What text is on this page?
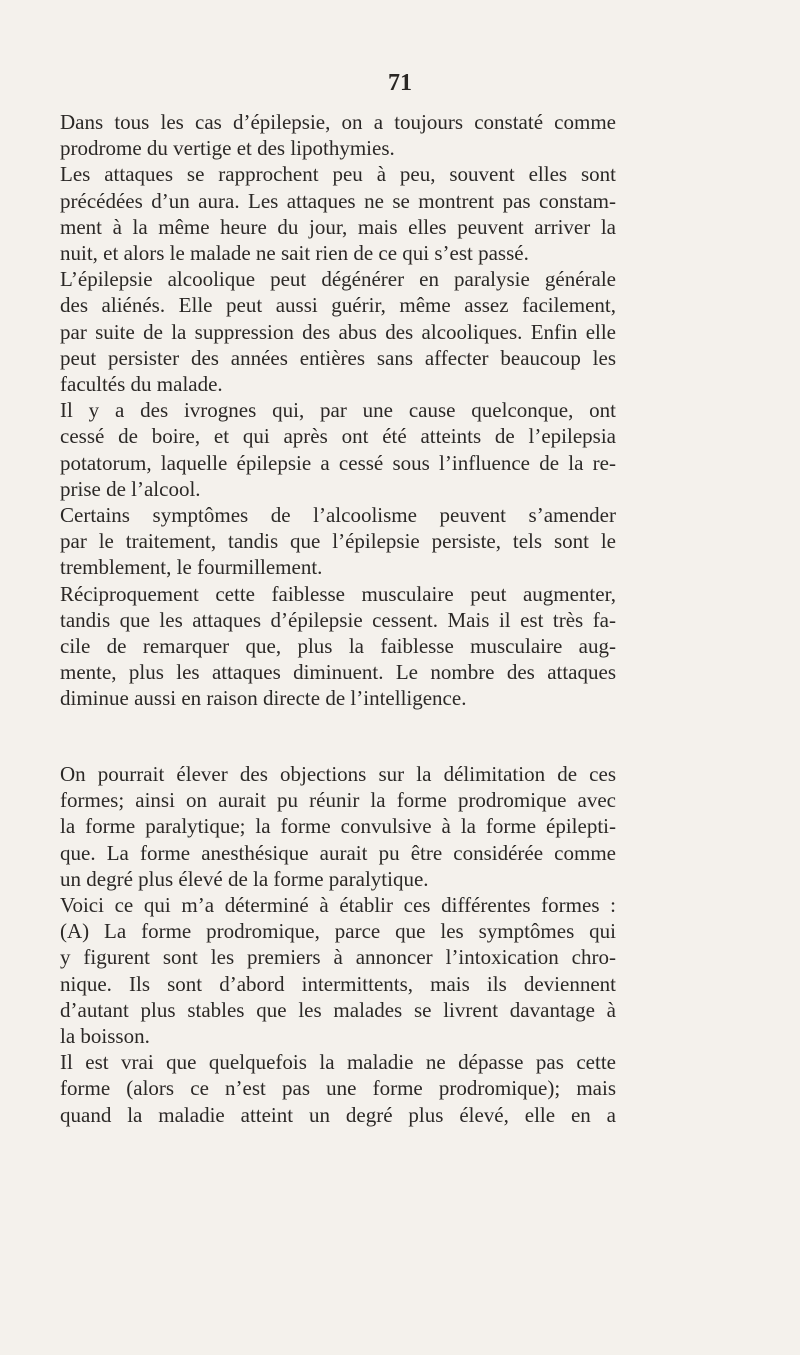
71
Dans tous les cas d’épilepsie, on a toujours constaté comme
prodrome du vertige et des lipothymies.
Les attaques se rapprochent peu à peu, souvent elles sont
précédées d’un aura. Les attaques ne se montrent pas constam-
ment à la même heure du jour, mais elles peuvent arriver la
nuit, et alors le malade ne sait rien de ce qui s’est passé.
L’épilepsie alcoolique peut dégénérer en paralysie générale
des aliénés. Elle peut aussi guérir, même assez facilement,
par suite de la suppression des abus des alcooliques. Enfin elle
peut persister des années entières sans affecter beaucoup les
facultés du malade.
Il y a des ivrognes qui, par une cause quelconque, ont
cessé de boire, et qui après ont été atteints de l’epilepsia
potatorum, laquelle épilepsie a cessé sous l’influence de la re-
prise de l’alcool.
Certains symptômes de l’alcoolisme peuvent s’amender
par le traitement, tandis que l’épilepsie persiste, tels sont le
tremblement, le fourmillement.
Réciproquement cette faiblesse musculaire peut augmenter,
tandis que les attaques d’épilepsie cessent. Mais il est très fa-
cile de remarquer que, plus la faiblesse musculaire aug-
mente, plus les attaques diminuent. Le nombre des attaques
diminue aussi en raison directe de l’intelligence.
On pourrait élever des objections sur la délimitation de ces
formes; ainsi on aurait pu réunir la forme prodromique avec
la forme paralytique; la forme convulsive à la forme épilepti-
que. La forme anesthésique aurait pu être considérée comme
un degré plus élevé de la forme paralytique.
Voici ce qui m’a déterminé à établir ces différentes formes :
(A) La forme prodromique, parce que les symptômes qui
y figurent sont les premiers à annoncer l’intoxication chro-
nique. Ils sont d’abord intermittents, mais ils deviennent
d’autant plus stables que les malades se livrent davantage à
la boisson.
Il est vrai que quelquefois la maladie ne dépasse pas cette
forme (alors ce n’est pas une forme prodromique); mais
quand la maladie atteint un degré plus élevé, elle en a
